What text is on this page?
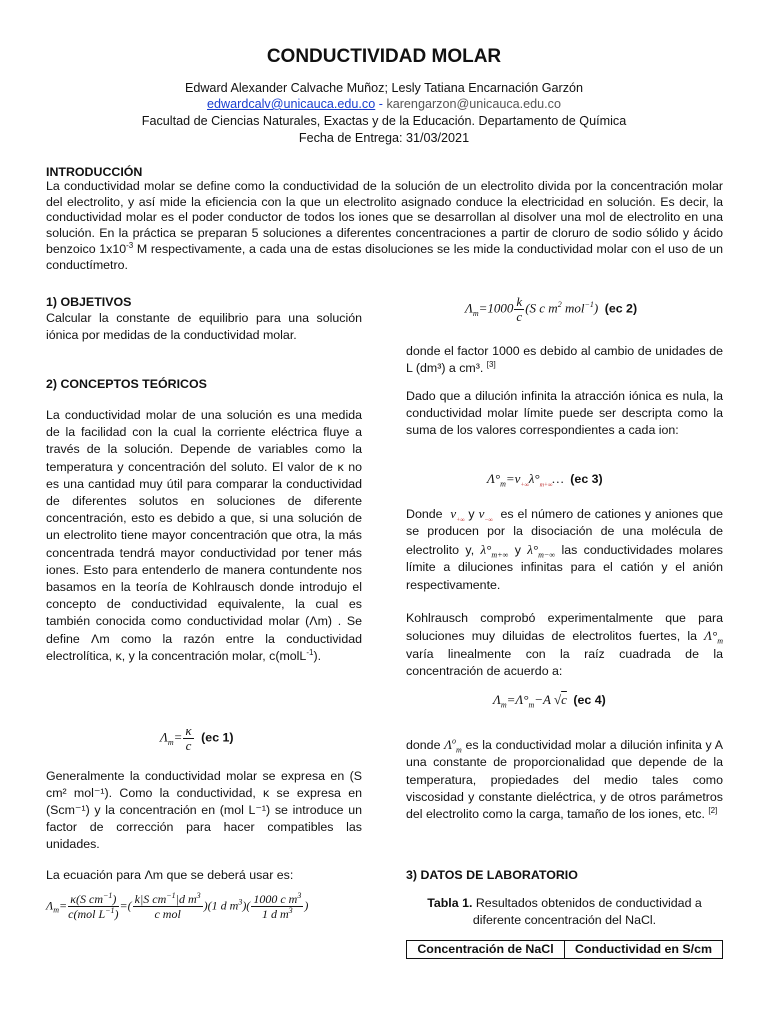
CONDUCTIVIDAD MOLAR
Edward Alexander Calvache Muñoz; Lesly Tatiana Encarnación Garzón
edwardcalv@unicauca.edu.co - karengarzon@unicauca.edu.co
Facultad de Ciencias Naturales, Exactas y de la Educación. Departamento de Química
Fecha de Entrega: 31/03/2021
INTRODUCCIÓN
La conductividad molar se define como la conductividad de la solución de un electrolito divida por la concentración molar del electrolito, y así mide la eficiencia con la que un electrolito asignado conduce la electricidad en solución. Es decir, la conductividad molar es el poder conductor de todos los iones que se desarrollan al disolver una mol de electrolito en una solución. En la práctica se preparan 5 soluciones a diferentes concentraciones a partir de cloruro de sodio sólido y ácido benzoico $1x10^{-3}$ M respectivamente, a cada una de estas disoluciones se les mide la conductividad molar con el uso de un conductímetro.
1) OBJETIVOS
Calcular la constante de equilibrio para una solución iónica por medidas de la conductividad molar.
2) CONCEPTOS TEÓRICOS
La conductividad molar de una solución es una medida de la facilidad con la cual la corriente eléctrica fluye a través de la solución. Depende de variables como la temperatura y concentración del soluto. El valor de κ no es una cantidad muy útil para comparar la conductividad de diferentes solutos en soluciones de diferente concentración, esto es debido a que, si una solución de un electrolito tiene mayor concentración que otra, la más concentrada tendrá mayor conductividad por tener más iones. Esto para entenderlo de manera contundente nos basamos en la teoría de Kohlrausch donde introdujo el concepto de conductividad equivalente, la cual es también conocida como conductividad molar (Λm) . Se define Λm como la razón entre la conductividad electrolítica, κ, y la concentración molar, c(molL$^{-1}$).
$\Lambda_m= \frac{\kappa}{c} (ec$ 1)
Generalmente la conductividad molar se expresa en (S cm² mol⁻¹). Como la conductividad, κ se expresa en (Scm⁻¹) y la concentración en (mol L⁻¹) se introduce un factor de corrección para hacer compatibles las unidades.
La ecuación para Λm que se deberá usar es:
$\Lambda_m= \frac{\kappa(S cm^{-1})}{c(mol L^{-1})}$ =( $\frac{k|S cm^{-1}|d m^3}{\text{c mol}} )(1$ d $m^3)( \frac{1000 c m^3}{1 d m^3}$ )
$\Lambda_m=1000 \frac{k}{c} (S$ c $m^2$ mol$^{-1}$)  (ec 2)
donde el factor 1000 es debido al cambio de unidades de L (dm³) a cm³. [3]
Dado que a dilución infinita la atracción iónica es nula, la conductividad molar límite puede ser descripta como la suma de los valores correspondientes a cada ion:
$\Lambda^\circ_m=\nu_{+\infty}\lambda^\circ_{m+\infty}\dots$  (ec 3)
Donde $\nu_{+\infty}$ y $\nu_{-\infty}$ es el número de cationes y aniones que se producen por la disociación de una molécula de electrolito y, $\lambda^\circ_{m+\infty}$ y $\lambda^\circ_{m-\infty}$ las conductividades molares límite a diluciones infinitas para el catión y el anión respectivamente.
Kohlrausch comprobó experimentalmente que para soluciones muy diluidas de electrolitos fuertes, la $\Lambda^\circ_m$ varía linealmente con la raíz cuadrada de la concentración de acuerdo a:
$\Lambda_m=\Lambda^\circ_m-A$ √c (ec 4)
donde $\Lambda^o_m$ es la conductividad molar a dilución infinita y A una constante de proporcionalidad que depende de la temperatura, propiedades del medio tales como viscosidad y constante dieléctrica, y de otros parámetros del electrolito como la carga, tamaño de los iones, etc. [2]
3) DATOS DE LABORATORIO
Tabla 1. Resultados obtenidos de conductividad a diferente concentración del NaCl.
Concentración de NaCl	Conductividad en S/cm
